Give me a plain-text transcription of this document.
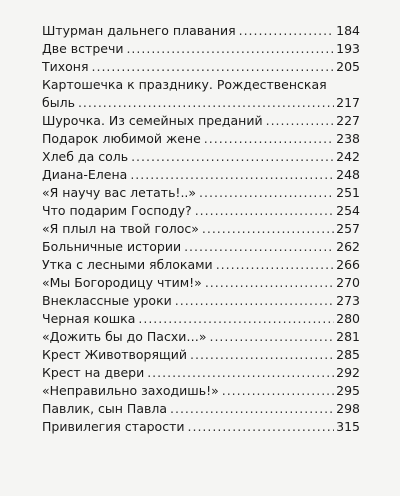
Штурман дальнего плавания .....	184
Две встречи .....	193
Тихоня .....	205
Картошечка к празднику. Рождественская
быль .....	217
Шурочка. Из семейных преданий .....	227
Подарок любимой жене .....	238
Хлеб да соль .....	242
Диана-Елена .....	248
«Я научу вас летать!..» .....	251
Что подарим Господу? .....	254
«Я плыл на твой голос» .....	257
Больничные истории .....	262
Утка с лесными яблоками .....	266
«Мы Богородицу чтим!» .....	270
Внеклассные уроки .....	273
Черная кошка .....	280
«Дожить бы до Пасхи…» .....	281
Крест Животворящий .....	285
Крест на двери .....	292
«Неправильно заходишь!» .....	295
Павлик, сын Павла .....	298
Привилегия старости .....	315
